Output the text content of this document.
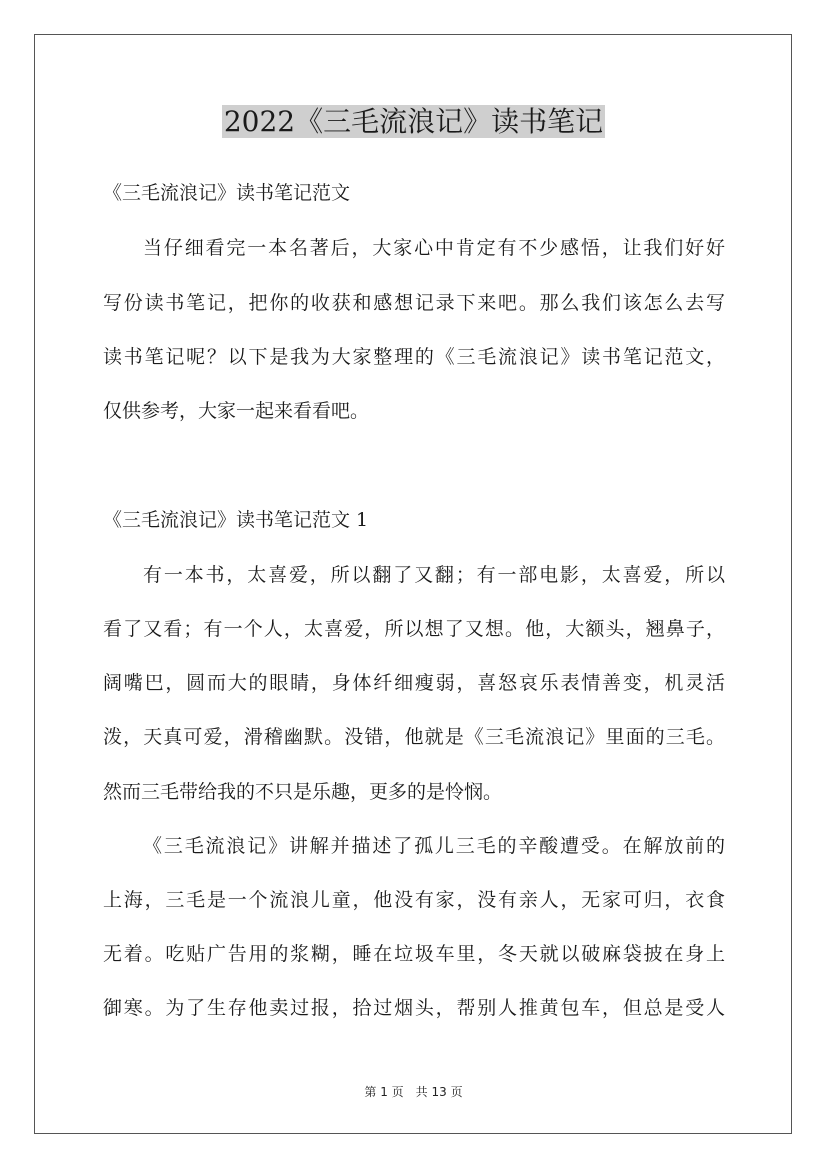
2022《三毛流浪记》读书笔记

《三毛流浪记》读书笔记范文

当仔细看完一本名著后，大家心中肯定有不少感悟，让我们好好

写份读书笔记，把你的收获和感想记录下来吧。那么我们该怎么去写

读书笔记呢？以下是我为大家整理的《三毛流浪记》读书笔记范文，

仅供参考，大家一起来看看吧。

《三毛流浪记》读书笔记范文 1

有一本书，太喜爱，所以翻了又翻；有一部电影，太喜爱，所以

看了又看；有一个人，太喜爱，所以想了又想。他，大额头，翘鼻子，

阔嘴巴，圆而大的眼睛，身体纤细瘦弱，喜怒哀乐表情善变，机灵活

泼，天真可爱，滑稽幽默。没错，他就是《三毛流浪记》里面的三毛。

然而三毛带给我的不只是乐趣，更多的是怜悯。

《三毛流浪记》讲解并描述了孤儿三毛的辛酸遭受。在解放前的

上海，三毛是一个流浪儿童，他没有家，没有亲人，无家可归，衣食

无着。吃贴广告用的浆糊，睡在垃圾车里，冬天就以破麻袋披在身上

御寒。为了生存他卖过报，拾过烟头，帮别人推黄包车，但总是受人

第 1 页　共 13 页
